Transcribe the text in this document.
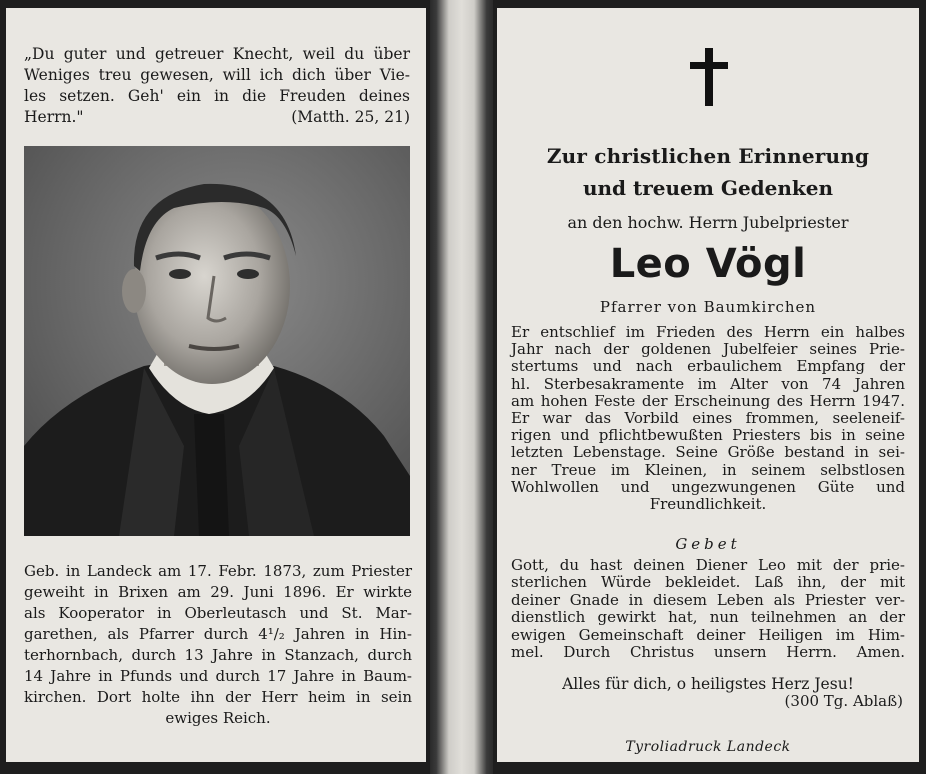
„Du guter und getreuer Knecht, weil du über
Weniges treu gewesen, will ich dich über Vie-
les setzen. Geh' ein in die Freuden deines
Herrn."	(Matth. 25, 21)
Geb. in Landeck am 17. Febr. 1873, zum Priester
geweiht in Brixen am 29. Juni 1896. Er wirkte
als Kooperator in Oberleutasch und St. Mar-
garethen, als Pfarrer durch 4¹/₂ Jahren in Hin-
terhornbach, durch 13 Jahre in Stanzach, durch
14 Jahre in Pfunds und durch 17 Jahre in Baum-
kirchen. Dort holte ihn der Herr heim in sein
ewiges Reich.
Zur christlichen Erinnerung
und treuem Gedenken
an den hochw. Herrn Jubelpriester
Leo Vögl
Pfarrer von Baumkirchen
Er entschlief im Frieden des Herrn ein halbes
Jahr nach der goldenen Jubelfeier seines Prie-
stertums und nach erbaulichem Empfang der
hl. Sterbesakramente im Alter von 74 Jahren
am hohen Feste der Erscheinung des Herrn 1947.
Er war das Vorbild eines frommen, seeleneif-
rigen und pflichtbewußten Priesters bis in seine
letzten Lebenstage. Seine Größe bestand in sei-
ner Treue im Kleinen, in seinem selbstlosen
Wohlwollen und ungezwungenen Güte und
Freundlichkeit.
Gebet
Gott, du hast deinen Diener Leo mit der prie-
sterlichen Würde bekleidet. Laß ihn, der mit
deiner Gnade in diesem Leben als Priester ver-
dienstlich gewirkt hat, nun teilnehmen an der
ewigen Gemeinschaft deiner Heiligen im Him-
mel. Durch Christus unsern Herrn. Amen.
Alles für dich, o heiligstes Herz Jesu!
(300 Tg. Ablaß)
Tyroliadruck Landeck
